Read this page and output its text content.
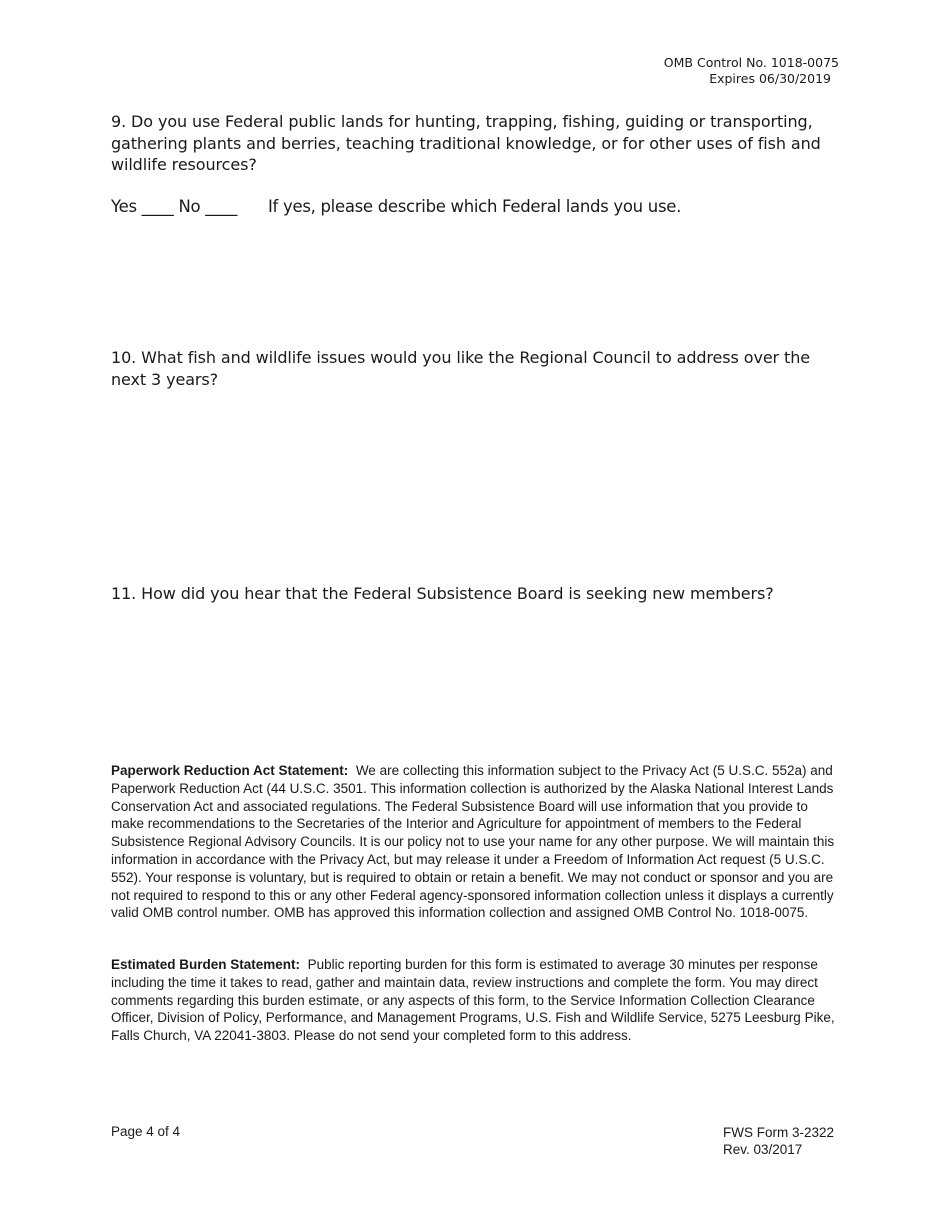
OMB Control No. 1018-0075
Expires 06/30/2019
9. Do you use Federal public lands for hunting, trapping, fishing, guiding or transporting, gathering plants and berries, teaching traditional knowledge, or for other uses of fish and wildlife resources?
Yes ____ No ____ If yes, please describe which Federal lands you use.
10. What fish and wildlife issues would you like the Regional Council to address over the next 3 years?
11. How did you hear that the Federal Subsistence Board is seeking new members?
Paperwork Reduction Act Statement: We are collecting this information subject to the Privacy Act (5 U.S.C. 552a) and Paperwork Reduction Act (44 U.S.C. 3501. This information collection is authorized by the Alaska National Interest Lands Conservation Act and associated regulations. The Federal Subsistence Board will use information that you provide to make recommendations to the Secretaries of the Interior and Agriculture for appointment of members to the Federal Subsistence Regional Advisory Councils. It is our policy not to use your name for any other purpose. We will maintain this information in accordance with the Privacy Act, but may release it under a Freedom of Information Act request (5 U.S.C. 552). Your response is voluntary, but is required to obtain or retain a benefit. We may not conduct or sponsor and you are not required to respond to this or any other Federal agency-sponsored information collection unless it displays a currently valid OMB control number. OMB has approved this information collection and assigned OMB Control No. 1018-0075.
Estimated Burden Statement: Public reporting burden for this form is estimated to average 30 minutes per response including the time it takes to read, gather and maintain data, review instructions and complete the form. You may direct comments regarding this burden estimate, or any aspects of this form, to the Service Information Collection Clearance Officer, Division of Policy, Performance, and Management Programs, U.S. Fish and Wildlife Service, 5275 Leesburg Pike, Falls Church, VA 22041-3803. Please do not send your completed form to this address.
Page 4 of 4	FWS Form 3-2322
Rev. 03/2017
